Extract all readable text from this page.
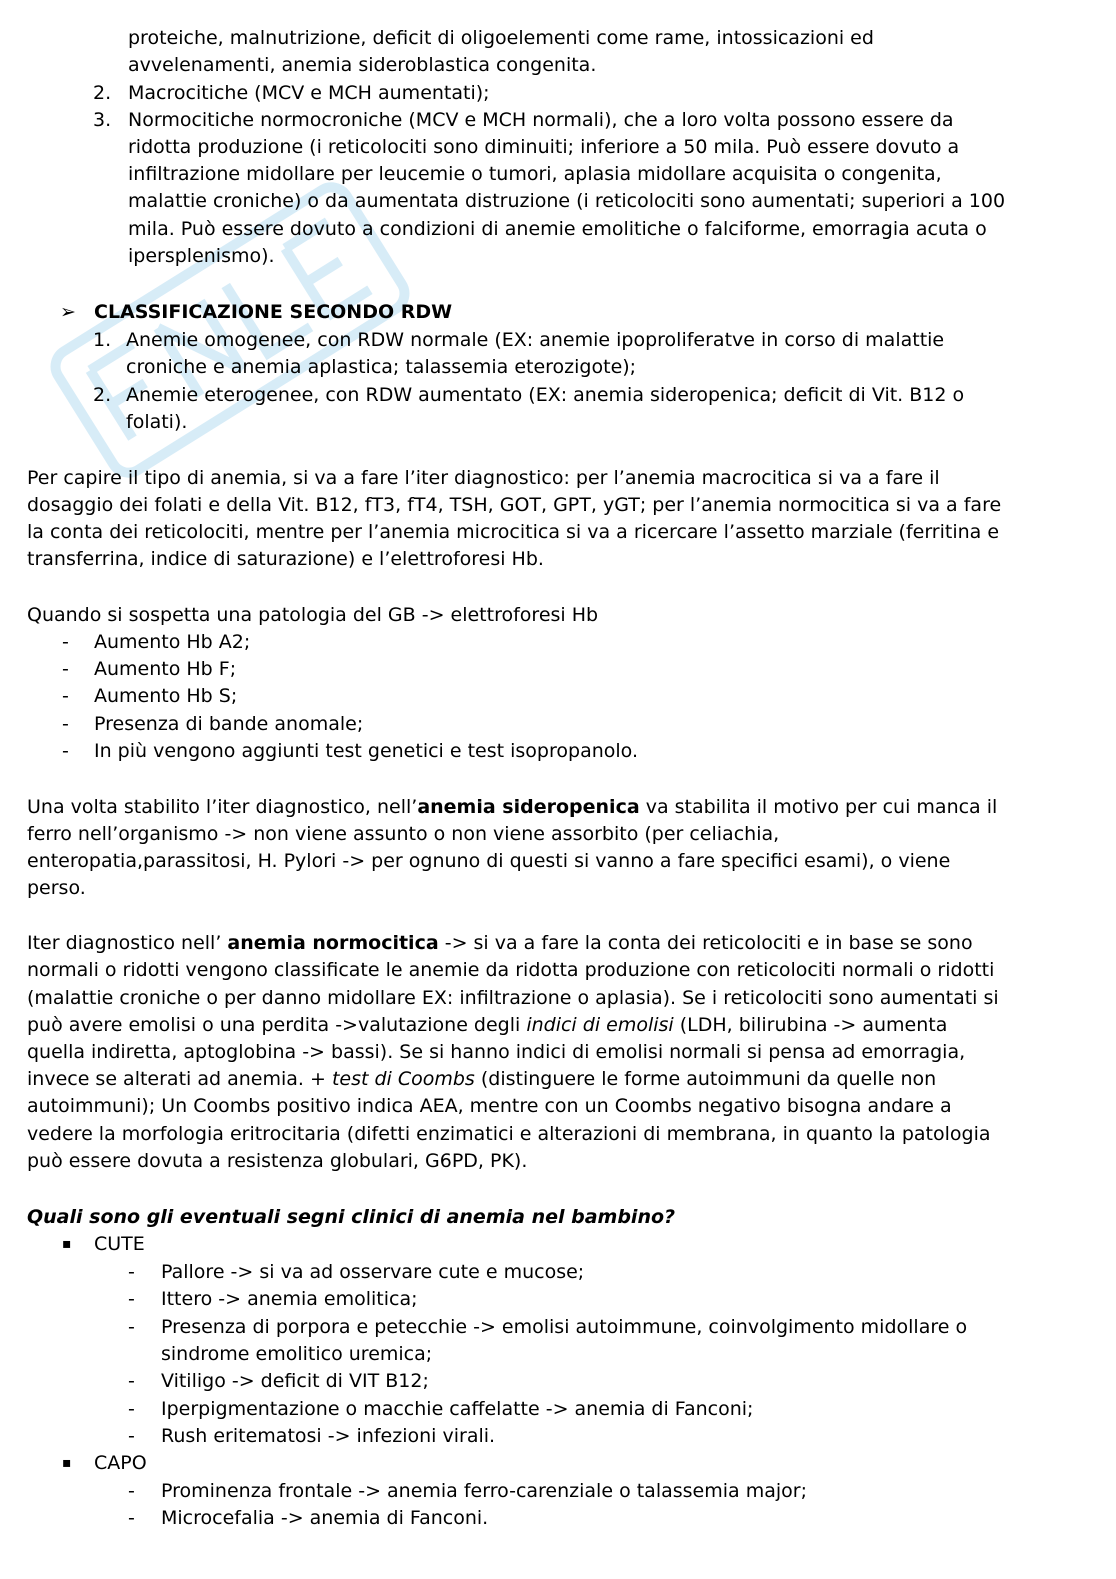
proteiche, malnutrizione, deficit di oligoelementi come rame, intossicazioni ed
avvelenamenti, anemia sideroblastica congenita.
2. Macrocitiche (MCV e MCH aumentati);
3. Normocitiche normocroniche (MCV e MCH normali), che a loro volta possono essere da
ridotta produzione (i reticolociti sono diminuiti; inferiore a 50 mila. Può essere dovuto a
infiltrazione midollare per leucemie o tumori, aplasia midollare acquisita o congenita,
malattie croniche) o da aumentata distruzione (i reticolociti sono aumentati; superiori a 100
mila. Può essere dovuto a condizioni di anemie emolitiche o falciforme, emorragia acuta o
ipersplenismo).
➢ CLASSIFICAZIONE SECONDO RDW
1. Anemie omogenee, con RDW normale (EX: anemie ipoproliferatve in corso di malattie
croniche e anemia aplastica; talassemia eterozigote);
2. Anemie eterogenee, con RDW aumentato (EX: anemia sideropenica; deficit di Vit. B12 o
folati).
Per capire il tipo di anemia, si va a fare l’iter diagnostico: per l’anemia macrocitica si va a fare il
dosaggio dei folati e della Vit. B12, fT3, fT4, TSH, GOT, GPT, yGT; per l’anemia normocitica si va a fare
la conta dei reticolociti, mentre per l’anemia microcitica si va a ricercare l’assetto marziale (ferritina e
transferrina, indice di saturazione) e l’elettroforesi Hb.
Quando si sospetta una patologia del GB -> elettroforesi Hb
- Aumento Hb A2;
- Aumento Hb F;
- Aumento Hb S;
- Presenza di bande anomale;
- In più vengono aggiunti test genetici e test isopropanolo.
Una volta stabilito l’iter diagnostico, nell’anemia sideropenica va stabilita il motivo per cui manca il
ferro nell’organismo -> non viene assunto o non viene assorbito (per celiachia,
enteropatia,parassitosi, H. Pylori -> per ognuno di questi si vanno a fare specifici esami), o viene
perso.
Iter diagnostico nell’ anemia normocitica -> si va a fare la conta dei reticolociti e in base se sono
normali o ridotti vengono classificate le anemie da ridotta produzione con reticolociti normali o ridotti
(malattie croniche o per danno midollare EX: infiltrazione o aplasia). Se i reticolociti sono aumentati si
può avere emolisi o una perdita ->valutazione degli indici di emolisi (LDH, bilirubina -> aumenta
quella indiretta, aptoglobina -> bassi). Se si hanno indici di emolisi normali si pensa ad emorragia,
invece se alterati ad anemia. + test di Coombs (distinguere le forme autoimmuni da quelle non
autoimmuni); Un Coombs positivo indica AEA, mentre con un Coombs negativo bisogna andare a
vedere la morfologia eritrocitaria (difetti enzimatici e alterazioni di membrana, in quanto la patologia
può essere dovuta a resistenza globulari, G6PD, PK).
Quali sono gli eventuali segni clinici di anemia nel bambino?
▪ CUTE
- Pallore -> si va ad osservare cute e mucose;
- Ittero -> anemia emolitica;
- Presenza di porpora e petecchie -> emolisi autoimmune, coinvolgimento midollare o
sindrome emolitico uremica;
- Vitiligo -> deficit di VIT B12;
- Iperpigmentazione o macchie caffelatte -> anemia di Fanconi;
- Rush eritematosi -> infezioni virali.
▪ CAPO
- Prominenza frontale -> anemia ferro-carenziale o talassemia major;
- Microcefalia -> anemia di Fanconi.
